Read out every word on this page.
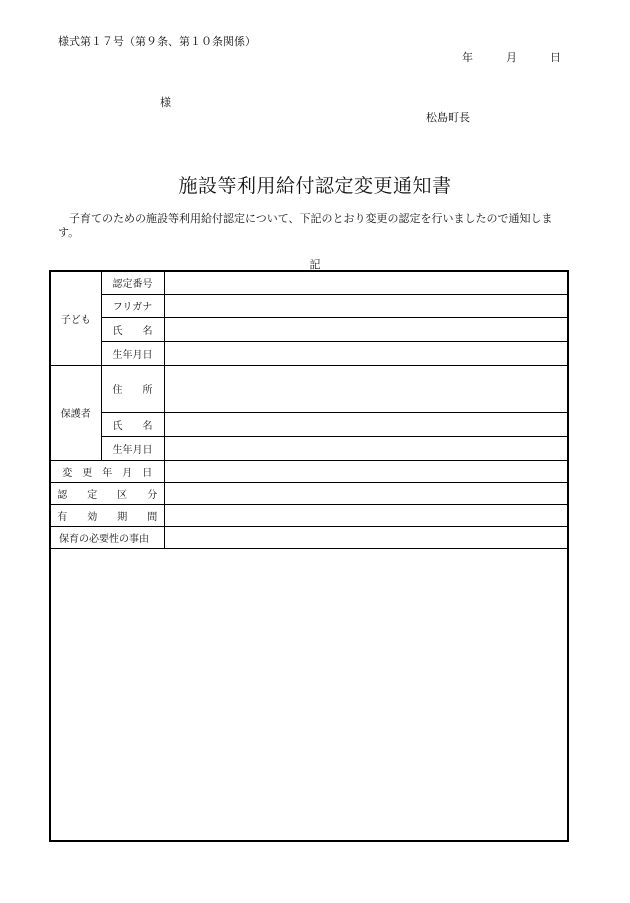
様式第１７号（第９条、第１０条関係）
年	月	日
様
松島町長
施設等利用給付認定変更通知書
子育てのための施設等利用給付認定について、下記のとおり変更の認定を行いましたので通知します。
記
子ども	認定番号	
	フリガナ	
	氏　　名	
	生年月日	
保護者	住　　所	
	氏　　名	
	生年月日	
変　更　年　月　日		
認　　定　　区　　分		
有　　効　　期　　間		
保育の必要性の事由		
